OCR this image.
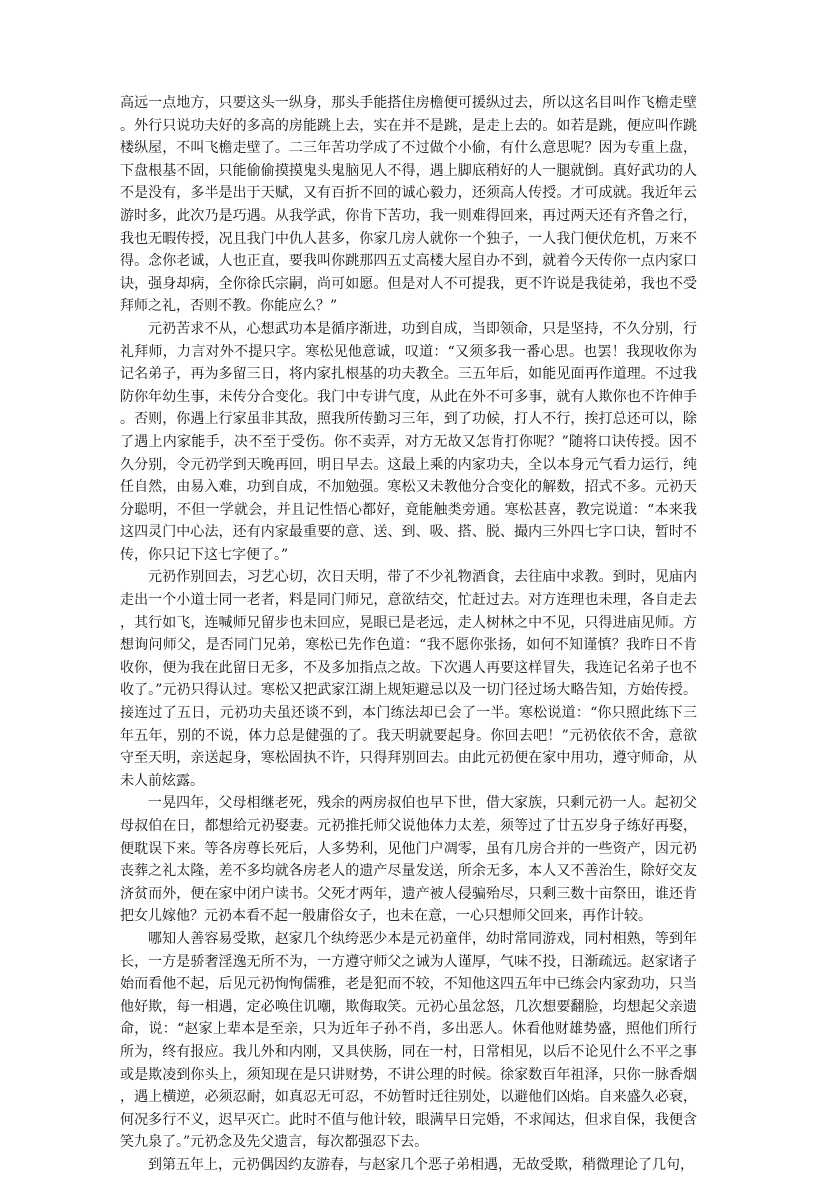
高远一点地方，只要这头一纵身，那头手能搭住房檐便可援纵过去，所以这名目叫作飞檐走壁。外行只说功夫好的多高的房能跳上去，实在并不是跳，是走上去的。如若是跳，便应叫作跳楼纵屋，不叫飞檐走壁了。二三年苦功学成了不过做个小偷，有什么意思呢？因为专重上盘，下盘根基不固，只能偷偷摸摸鬼头鬼脑见人不得，遇上脚底稍好的人一腿就倒。真好武功的人不是没有，多半是出于天赋，又有百折不回的诚心毅力，还须高人传授。才可成就。我近年云游时多，此次乃是巧遇。从我学武，你肯下苦功，我一则难得回来，再过两天还有齐鲁之行，我也无暇传授，况且我门中仇人甚多，你家几房人就你一个独子，一人我门便伏危机，万来不得。念你老诚，人也正直，要我叫你跳那四五丈高楼大屋自办不到，就着今天传你一点内家口诀，强身却病，全你徐氏宗嗣，尚可如愿。但是对人不可提我，更不许说是我徒弟，我也不受拜师之礼，否则不教。你能应么？”

元礽苦求不从，心想武功本是循序渐进，功到自成，当即领命，只是坚持，不久分别，行礼拜师，力言对外不提只字。寒松见他意诚，叹道：“又须多我一番心思。也罢！我现收你为记名弟子，再为多留三日，将内家扎根基的功夫教全。三五年后，如能见面再作道理。不过我防你年幼生事，未传分合变化。我门中专讲气度，从此在外不可多事，就有人欺你也不许伸手。否则，你遇上行家虽非其敌，照我所传勤习三年，到了功候，打人不行，挨打总还可以，除了遇上内家能手，决不至于受伤。你不卖弄，对方无故又怎肯打你呢？”随将口诀传授。因不久分别，令元礽学到天晚再回，明日早去。这最上乘的内家功夫，全以本身元气看力运行，纯任自然，由易入难，功到自成，不加勉强。寒松又未教他分合变化的解数，招式不多。元礽天分聪明，不但一学就会，并且记性悟心都好，竟能触类旁通。寒松甚喜，教完说道：“本来我这四灵门中心法，还有内家最重要的意、送、到、吸、搭、脱、撮内三外四七字口诀，暂时不传，你只记下这七字便了。”

元礽作别回去，习艺心切，次日天明，带了不少礼物酒食，去往庙中求教。到时，见庙内走出一个小道士同一老者，料是同门师兄，意欲结交，忙赶过去。对方连理也未理，各自走去，其行如飞，连喊师兄留步也未回应，晃眼已是老远，走人树林之中不见，只得进庙见师。方想询问师父，是否同门兄弟，寒松已先作色道：“我不愿你张扬，如何不知谨慎？我昨日不肯收你，便为我在此留日无多，不及多加指点之故。下次遇人再要这样冒失，我连记名弟子也不收了。”元礽只得认过。寒松又把武家江湖上规矩避忌以及一切门径过场大略告知，方始传授。接连过了五日，元礽功夫虽还谈不到，本门练法却已会了一半。寒松说道：“你只照此练下三年五年，别的不说，体力总是健强的了。我天明就要起身。你回去吧！”元礽依依不舍，意欲守至天明，亲送起身，寒松固执不许，只得拜别回去。由此元礽便在家中用功，遵守师命，从未人前炫露。

一晃四年，父母相继老死，残余的两房叔伯也早下世，借大家族，只剩元礽一人。起初父母叔伯在日，都想给元礽娶妻。元礽推托师父说他体力太差，须等过了廿五岁身子练好再娶，便耽误下来。等各房尊长死后，人多势利，见他门户凋零，虽有几房合并的一些资产，因元礽丧葬之礼太隆，差不多均就各房老人的遗产尽量发送，所余无多，本人又不善治生，除好交友济贫而外，便在家中闭户读书。父死才两年，遗产被人侵骗殆尽，只剩三数十亩祭田，谁还肯把女儿嫁他？元礽本看不起一般庸俗女子，也未在意，一心只想师父回来，再作计较。

哪知人善容易受欺，赵家几个纨绔恶少本是元礽童伴，幼时常同游戏，同村相熟，等到年长，一方是骄奢淫逸无所不为，一方遵守师父之诫为人谨厚，气味不投，日渐疏远。赵家诸子始而看他不起，后见元礽恂恂儒雅，老是犯而不较，不知他这四五年中已练会内家劲功，只当他好欺，每一相遇，定必唤住讥嘲，欺侮取笑。元礽心虽忿怒，几次想要翻脸，均想起父亲遗命，说：“赵家上辈本是至亲，只为近年子孙不肖，多出恶人。休看他财雄势盛，照他们所行所为，终有报应。我儿外和内刚，又具侠肠，同在一村，日常相见，以后不论见什么不平之事或是欺凌到你头上，须知现在是只讲财势，不讲公理的时候。徐家数百年祖泽，只你一脉香烟，遇上横逆，必须忍耐，如真忍无可忍，不妨暂时迁往别处，以避他们凶焰。自来盛久必衰，何况多行不义，迟早灭亡。此时不值与他计较，眼满早日完婚，不求闻达，但求自保，我便含笑九泉了。”元礽念及先父遗言，每次都强忍下去。

到第五年上，元礽偶因约友游春，与赵家几个恶子弟相遇，无故受欺，稍微理论了几句，
